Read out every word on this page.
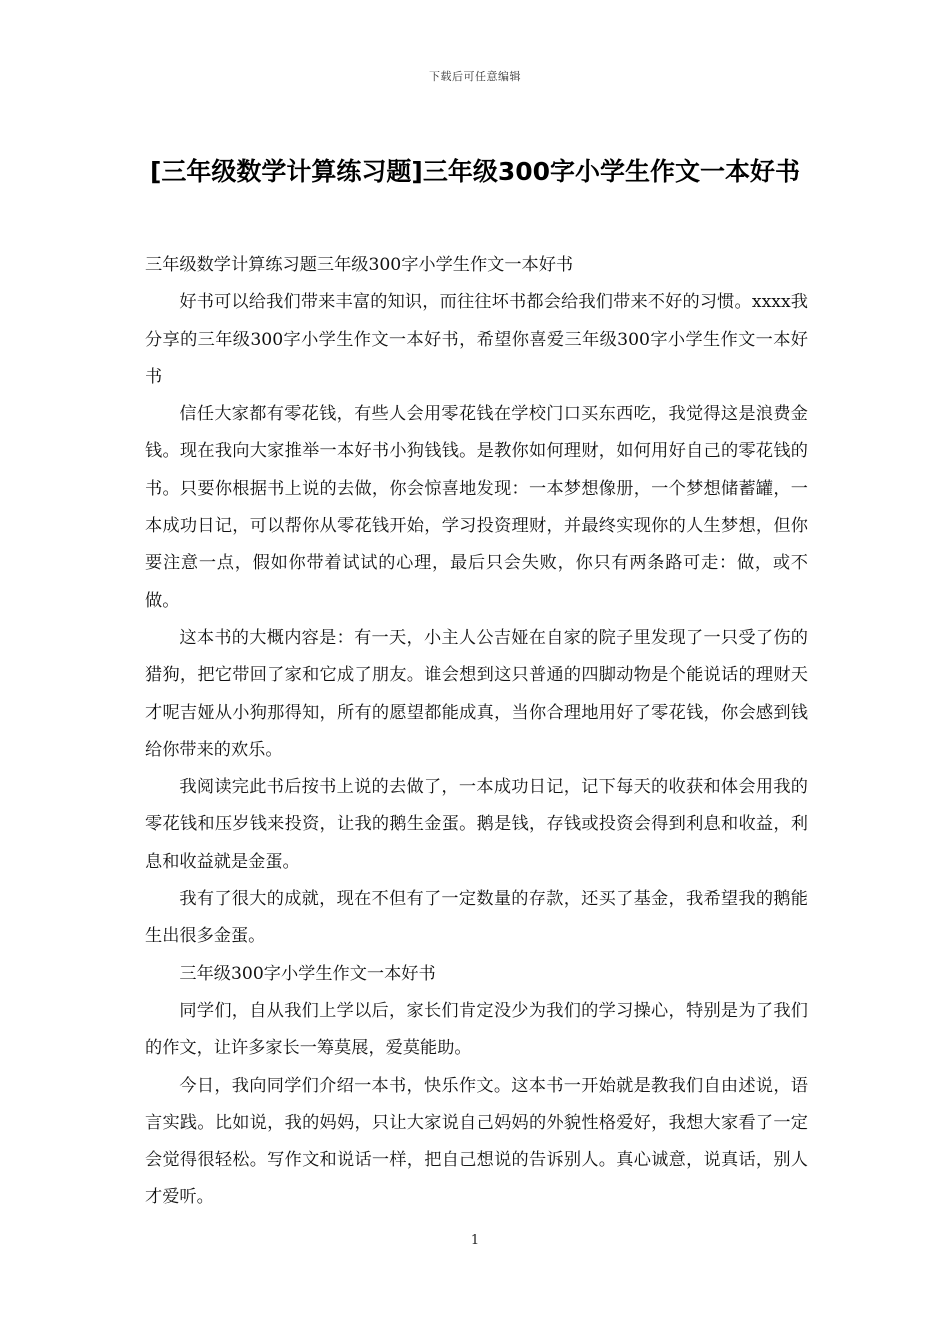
下载后可任意编辑
[三年级数学计算练习题]三年级300字小学生作文一本好书

三年级数学计算练习题三年级300字小学生作文一本好书

好书可以给我们带来丰富的知识，而往往坏书都会给我们带来不好的习惯。xxxx我分享的三年级300字小学生作文一本好书，希望你喜爱三年级300字小学生作文一本好书

信任大家都有零花钱，有些人会用零花钱在学校门口买东西吃，我觉得这是浪费金钱。现在我向大家推举一本好书小狗钱钱。是教你如何理财，如何用好自己的零花钱的书。只要你根据书上说的去做，你会惊喜地发现：一本梦想像册，一个梦想储蓄罐，一本成功日记，可以帮你从零花钱开始，学习投资理财，并最终实现你的人生梦想，但你要注意一点，假如你带着试试的心理，最后只会失败，你只有两条路可走：做，或不做。

这本书的大概内容是：有一天，小主人公吉娅在自家的院子里发现了一只受了伤的猎狗，把它带回了家和它成了朋友。谁会想到这只普通的四脚动物是个能说话的理财天才呢吉娅从小狗那得知，所有的愿望都能成真，当你合理地用好了零花钱，你会感到钱给你带来的欢乐。

我阅读完此书后按书上说的去做了，一本成功日记，记下每天的收获和体会用我的零花钱和压岁钱来投资，让我的鹅生金蛋。鹅是钱，存钱或投资会得到利息和收益，利息和收益就是金蛋。

我有了很大的成就，现在不但有了一定数量的存款，还买了基金，我希望我的鹅能生出很多金蛋。

三年级300字小学生作文一本好书

同学们，自从我们上学以后，家长们肯定没少为我们的学习操心，特别是为了我们的作文，让许多家长一筹莫展，爱莫能助。

今日，我向同学们介绍一本书，快乐作文。这本书一开始就是教我们自由述说，语言实践。比如说，我的妈妈，只让大家说自己妈妈的外貌性格爱好，我想大家看了一定会觉得很轻松。写作文和说话一样，把自己想说的告诉别人。真心诚意，说真话，别人才爱听。

1
